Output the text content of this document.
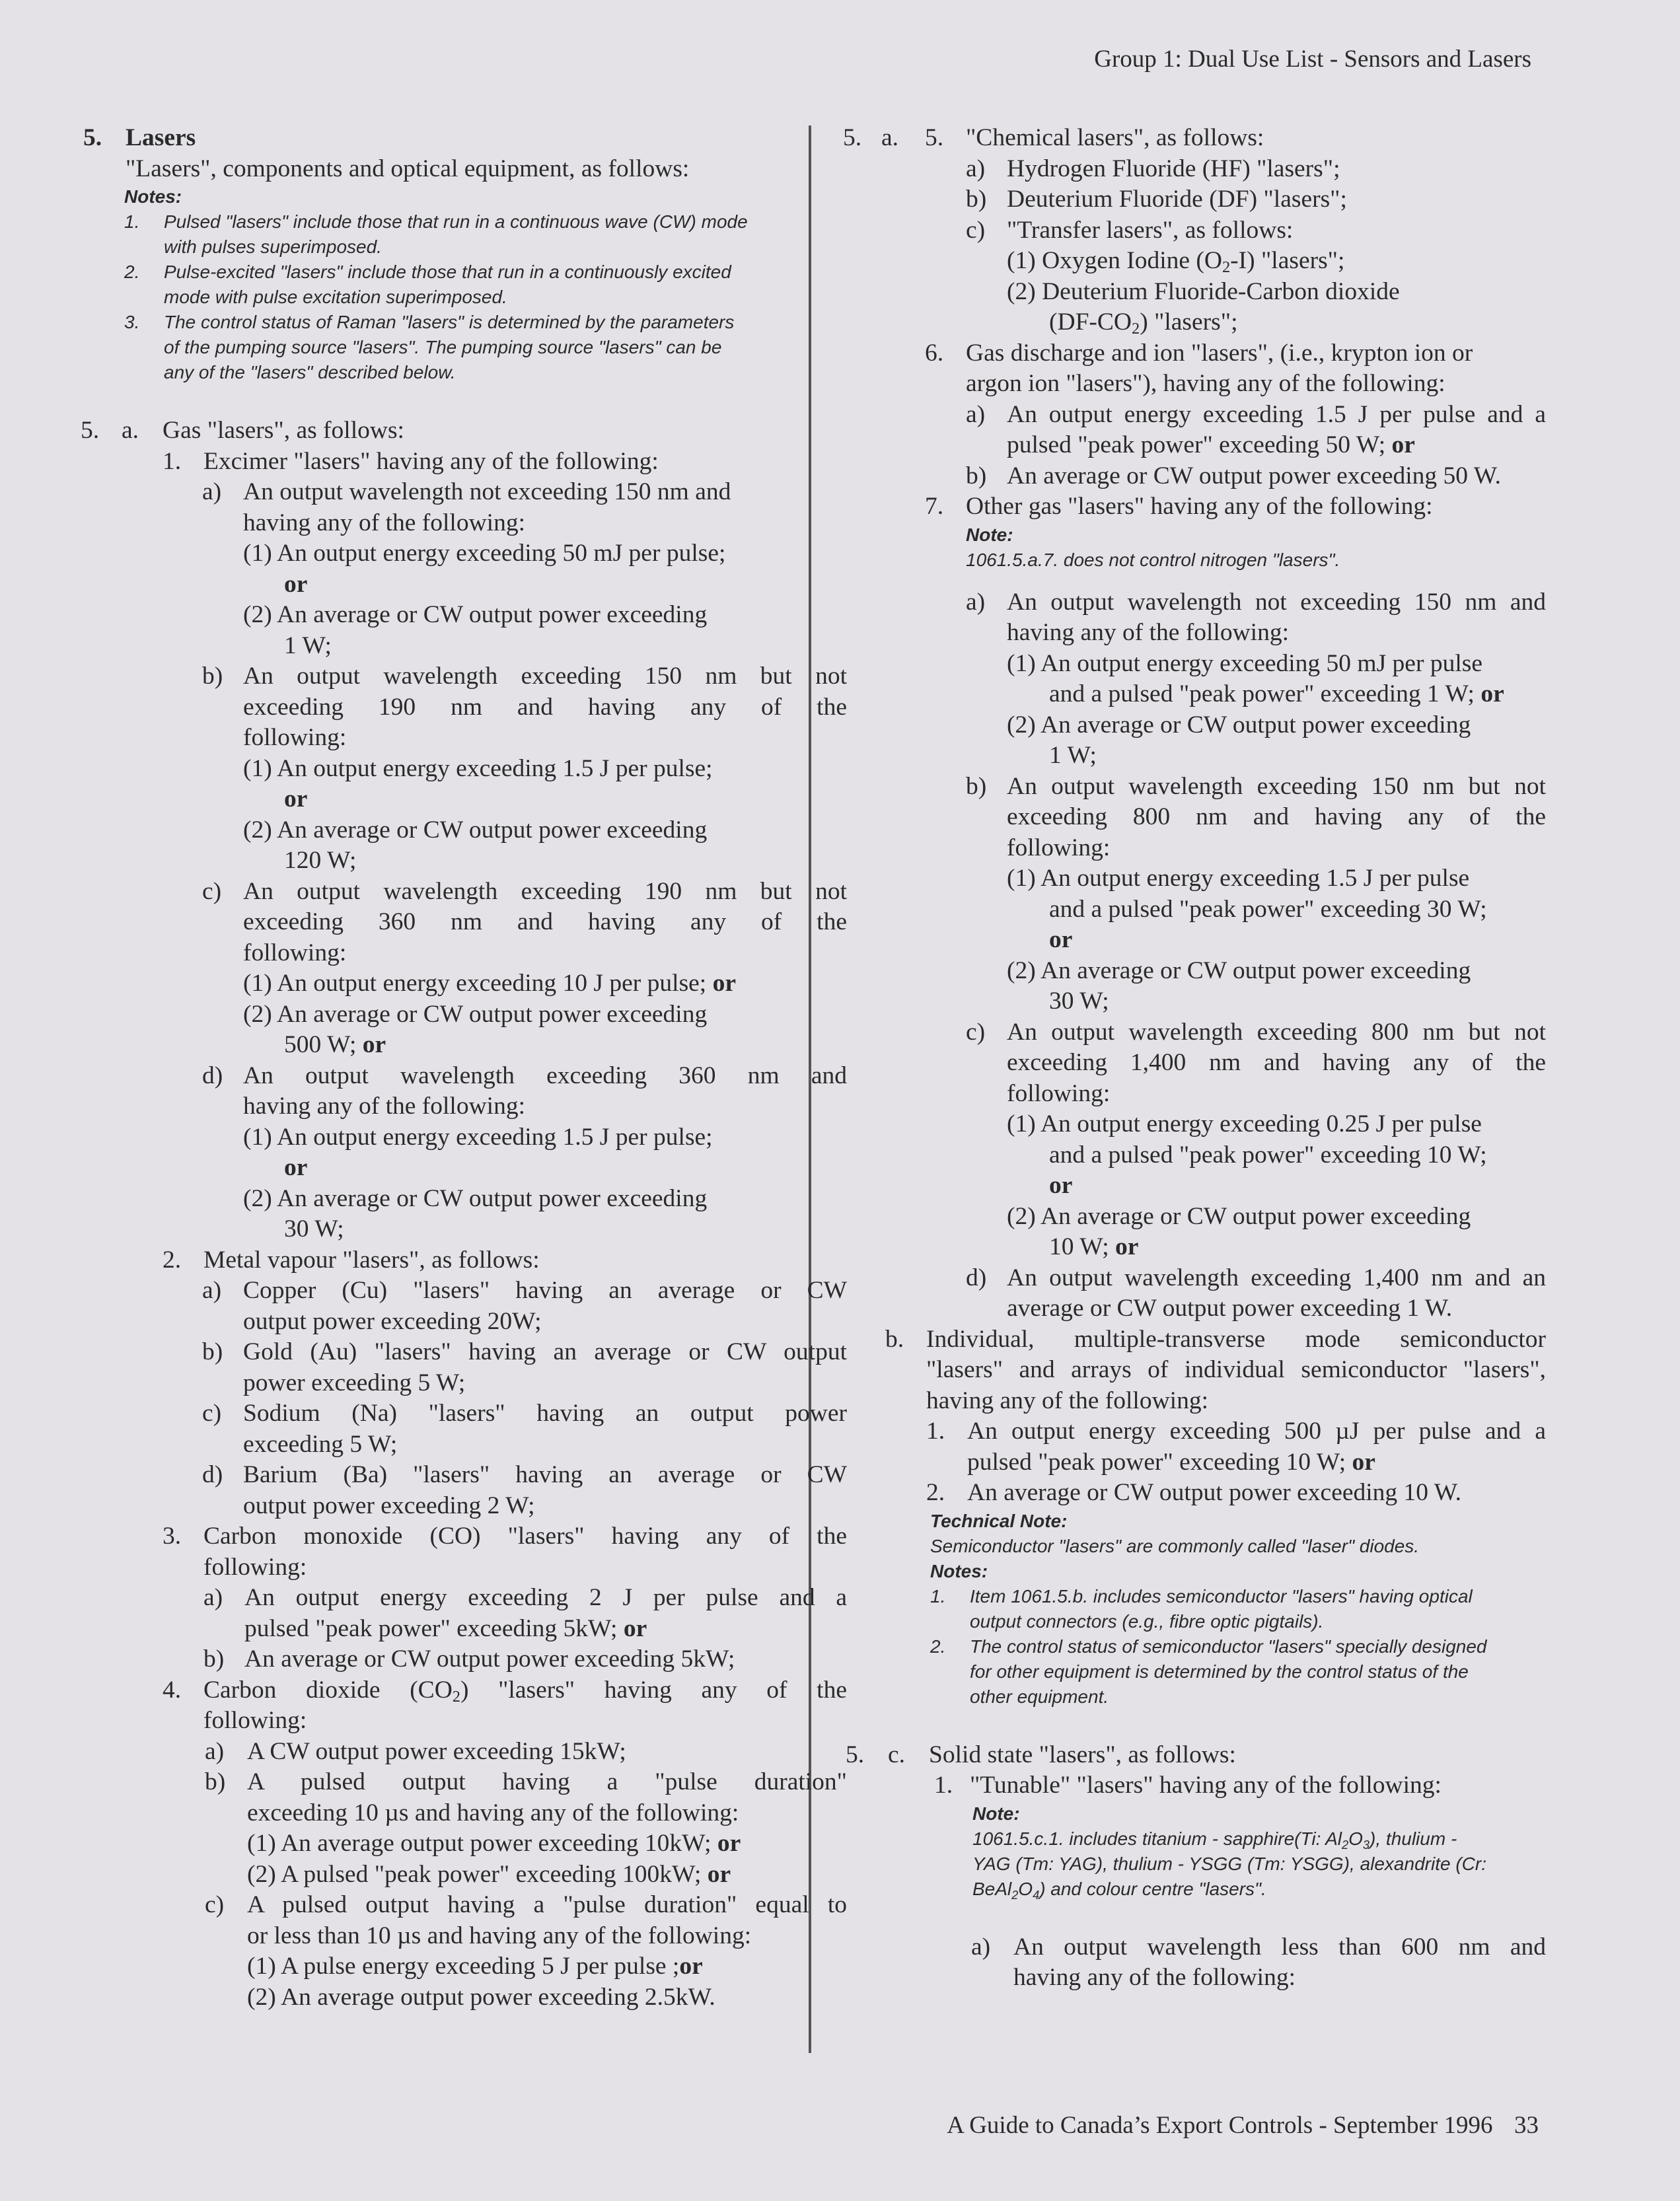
Group 1: Dual Use List - Sensors and Lasers
5. Lasers
"Lasers", components and optical equipment, as follows:
Notes:
1. Pulsed "lasers" include those that run in a continuous wave (CW) mode
with pulses superimposed.
2. Pulse-excited "lasers" include those that run in a continuously excited
mode with pulse excitation superimposed.
3. The control status of Raman "lasers" is determined by the parameters
of the pumping source "lasers". The pumping source "lasers" can be
any of the "lasers" described below.
5. a. Gas "lasers", as follows:
1. Excimer "lasers" having any of the following:
a) An output wavelength not exceeding 150 nm and
having any of the following:
(1) An output energy exceeding 50 mJ per pulse;
or
(2) An average or CW output power exceeding
1 W;
b) An output wavelength exceeding 150 nm but not
exceeding 190 nm and having any of the
following:
(1) An output energy exceeding 1.5 J per pulse;
or
(2) An average or CW output power exceeding
120 W;
c) An output wavelength exceeding 190 nm but not
exceeding 360 nm and having any of the
following:
(1) An output energy exceeding 10 J per pulse; or
(2) An average or CW output power exceeding
500 W; or
d) An output wavelength exceeding 360 nm and
having any of the following:
(1) An output energy exceeding 1.5 J per pulse;
or
(2) An average or CW output power exceeding
30 W;
2. Metal vapour "lasers", as follows:
a) Copper (Cu) "lasers" having an average or CW
output power exceeding 20W;
b) Gold (Au) "lasers" having an average or CW output
power exceeding 5 W;
c) Sodium (Na) "lasers" having an output power
exceeding 5 W;
d) Barium (Ba) "lasers" having an average or CW
output power exceeding 2 W;
3. Carbon monoxide (CO) "lasers" having any of the
following:
a) An output energy exceeding 2 J per pulse and a
pulsed "peak power" exceeding 5kW; or
b) An average or CW output power exceeding 5kW;
4. Carbon dioxide $(CO_2)$ "lasers" having any of the
following:
a) A CW output power exceeding 15kW;
b) A pulsed output having a "pulse duration"
exceeding 10 µs and having any of the following:
(1) An average output power exceeding 10kW; or
(2) A pulsed "peak power" exceeding 100kW; or
c) A pulsed output having a "pulse duration" equal to
or less than 10 µs and having any of the following:
(1) A pulse energy exceeding 5 J per pulse ;or
(2) An average output power exceeding 2.5kW.
5. a. 5. "Chemical lasers", as follows:
a) Hydrogen Fluoride (HF) "lasers";
b) Deuterium Fluoride (DF) "lasers";
c) "Transfer lasers", as follows:
(1) Oxygen Iodine $(O_2-I)$ "lasers";
(2) Deuterium Fluoride-Carbon dioxide
$(DF-CO_2)$ "lasers";
6. Gas discharge and ion "lasers", (i.e., krypton ion or
argon ion "lasers"), having any of the following:
a) An output energy exceeding 1.5 J per pulse and a
pulsed "peak power" exceeding 50 W; or
b) An average or CW output power exceeding 50 W.
7. Other gas "lasers" having any of the following:
Note:
1061.5.a.7. does not control nitrogen "lasers".
a) An output wavelength not exceeding 150 nm and
having any of the following:
(1) An output energy exceeding 50 mJ per pulse
and a pulsed "peak power" exceeding 1 W; or
(2) An average or CW output power exceeding
1 W;
b) An output wavelength exceeding 150 nm but not
exceeding 800 nm and having any of the
following:
(1) An output energy exceeding 1.5 J per pulse
and a pulsed "peak power" exceeding 30 W;
or
(2) An average or CW output power exceeding
30 W;
c) An output wavelength exceeding 800 nm but not
exceeding 1,400 nm and having any of the
following:
(1) An output energy exceeding 0.25 J per pulse
and a pulsed "peak power" exceeding 10 W;
or
(2) An average or CW output power exceeding
10 W; or
d) An output wavelength exceeding 1,400 nm and an
average or CW output power exceeding 1 W.
b. Individual, multiple-transverse mode semiconductor
"lasers" and arrays of individual semiconductor "lasers",
having any of the following:
1. An output energy exceeding 500 µJ per pulse and a
pulsed "peak power" exceeding 10 W; or
2. An average or CW output power exceeding 10 W.
Technical Note:
Semiconductor "lasers" are commonly called "laser" diodes.
Notes:
1. Item 1061.5.b. includes semiconductor "lasers" having optical
output connectors (e.g., fibre optic pigtails).
2. The control status of semiconductor "lasers" specially designed
for other equipment is determined by the control status of the
other equipment.
5. c. Solid state "lasers", as follows:
1. "Tunable" "lasers" having any of the following:
Note:
1061.5.c.1. includes titanium - sapphire(Ti: $Al_2O_3$), thulium -
YAG (Tm: YAG), thulium - YSGG (Tm: YSGG), alexandrite (Cr:
$BeAl_2O_4$) and colour centre "lasers".
a) An output wavelength less than 600 nm and
having any of the following:
A Guide to Canada’s Export Controls - September 1996 33
